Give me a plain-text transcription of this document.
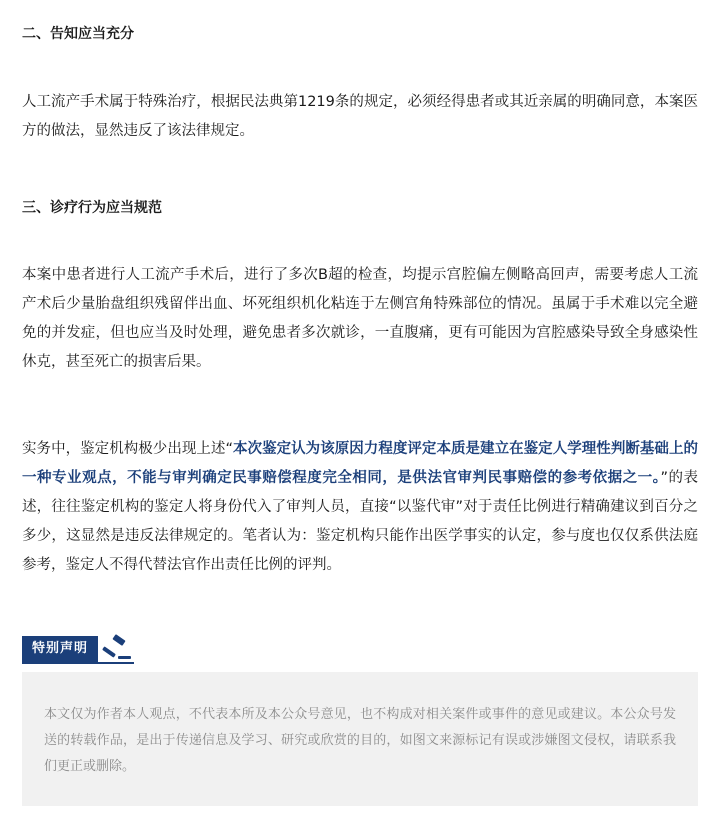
二、告知应当充分

人工流产手术属于特殊治疗，根据民法典第1219条的规定，必须经得患者或其近亲属的明确同意，本案医方的做法，显然违反了该法律规定。

三、诊疗行为应当规范

本案中患者进行人工流产手术后，进行了多次B超的检查，均提示宫腔偏左侧略高回声，需要考虑人工流产术后少量胎盘组织残留伴出血、坏死组织机化粘连于左侧宫角特殊部位的情况。虽属于手术难以完全避免的并发症，但也应当及时处理，避免患者多次就诊，一直腹痛，更有可能因为宫腔感染导致全身感染性休克，甚至死亡的损害后果。

实务中，鉴定机构极少出现上述“本次鉴定认为该原因力程度评定本质是建立在鉴定人学理性判断基础上的一种专业观点，不能与审判确定民事赔偿程度完全相同，是供法官审判民事赔偿的参考依据之一。”的表述，往往鉴定机构的鉴定人将身份代入了审判人员，直接“以鉴代审”对于责任比例进行精确建议到百分之多少，这显然是违反法律规定的。笔者认为：鉴定机构只能作出医学事实的认定，参与度也仅仅系供法庭参考，鉴定人不得代替法官作出责任比例的评判。

特别声明

本文仅为作者本人观点，不代表本所及本公众号意见，也不构成对相关案件或事件的意见或建议。本公众号发送的转载作品，是出于传递信息及学习、研究或欣赏的目的，如图文来源标记有误或涉嫌图文侵权，请联系我们更正或删除。
